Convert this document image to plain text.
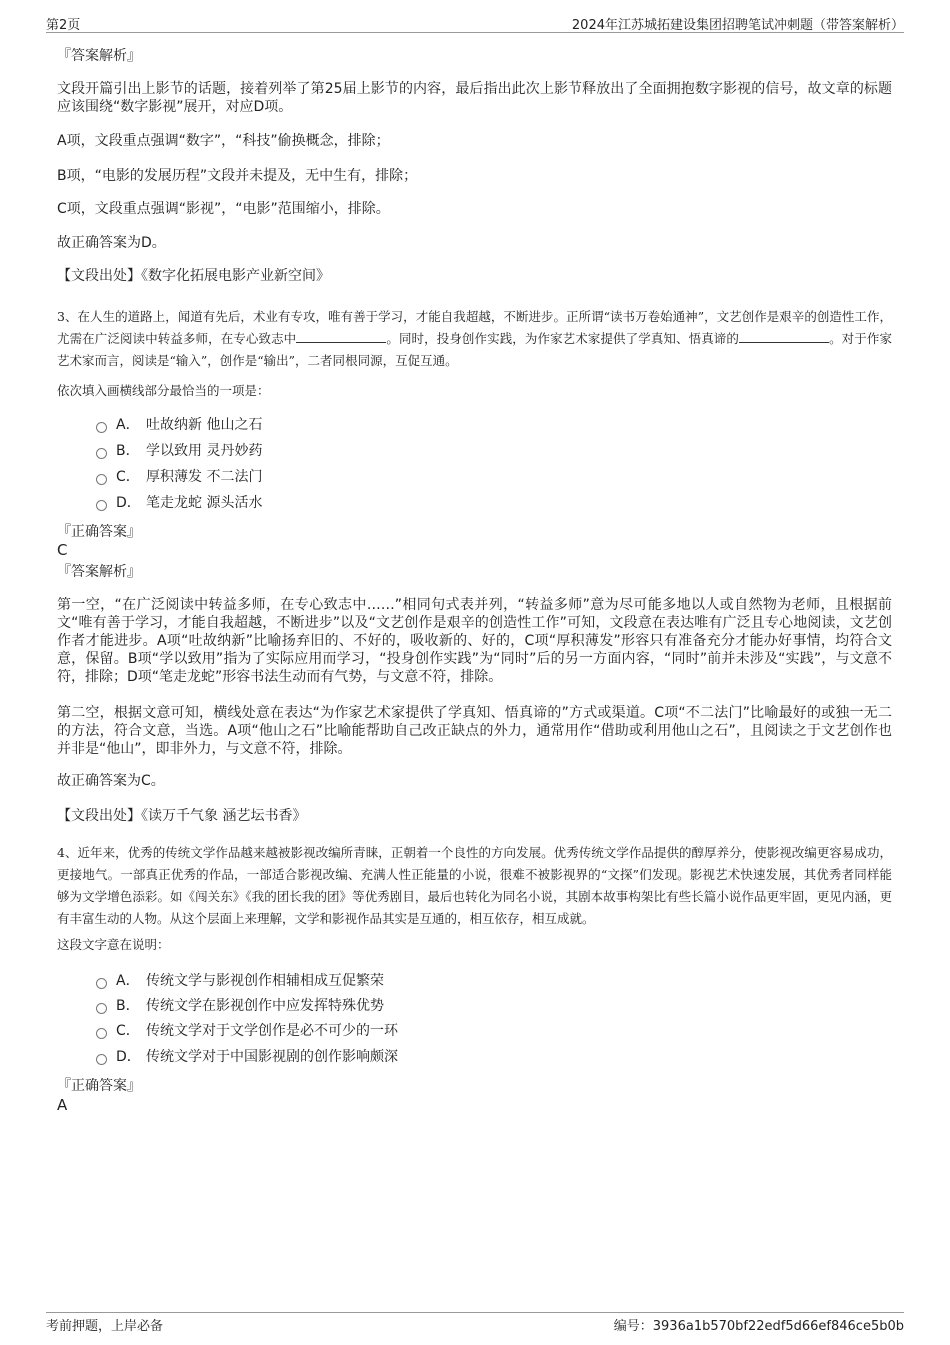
第2页	2024年江苏城拓建设集团招聘笔试冲刺题（带答案解析）
『答案解析』

文段开篇引出上影节的话题，接着列举了第25届上影节的内容，最后指出此次上影节释放出了全面拥抱数字影视的信号，故文章的标题应该围绕“数字影视”展开，对应D项。

A项，文段重点强调“数字”，“科技”偷换概念，排除；

B项，“电影的发展历程”文段并未提及，无中生有，排除；

C项，文段重点强调“影视”，“电影”范围缩小，排除。

故正确答案为D。

【文段出处】《数字化拓展电影产业新空间》

3、在人生的道路上，闻道有先后，术业有专攻，唯有善于学习，才能自我超越，不断进步。正所谓“读书万卷始通神”，文艺创作是艰辛的创造性工作，尤需在广泛阅读中转益多师，在专心致志中	。同时，投身创作实践，为作家艺术家提供了学真知、悟真谛的	。对于作家艺术家而言，阅读是“输入”，创作是“输出”，二者同根同源，互促互通。

依次填入画横线部分最恰当的一项是：
A． 吐故纳新 他山之石
B． 学以致用 灵丹妙药
C． 厚积薄发 不二法门
D． 笔走龙蛇 源头活水
『正确答案』
C
『答案解析』

第一空，“在广泛阅读中转益多师，在专心致志中……”相同句式表并列，“转益多师”意为尽可能多地以人或自然物为老师，且根据前文“唯有善于学习，才能自我超越，不断进步”以及“文艺创作是艰辛的创造性工作”可知，文段意在表达唯有广泛且专心地阅读，文艺创作者才能进步。A项“吐故纳新”比喻扬弃旧的、不好的，吸收新的、好的，C项“厚积薄发”形容只有准备充分才能办好事情，均符合文意，保留。B项“学以致用”指为了实际应用而学习，“投身创作实践”为“同时”后的另一方面内容，“同时”前并未涉及“实践”，与文意不符，排除；D项“笔走龙蛇”形容书法生动而有气势，与文意不符，排除。

第二空，根据文意可知，横线处意在表达“为作家艺术家提供了学真知、悟真谛的”方式或渠道。C项“不二法门”比喻最好的或独一无二的方法，符合文意，当选。A项“他山之石”比喻能帮助自己改正缺点的外力，通常用作“借助或利用他山之石”，且阅读之于文艺创作也并非是“他山”，即非外力，与文意不符，排除。

故正确答案为C。

【文段出处】《读万千气象 涵艺坛书香》

4、近年来，优秀的传统文学作品越来越被影视改编所青睐，正朝着一个良性的方向发展。优秀传统文学作品提供的醇厚养分，使影视改编更容易成功，更接地气。一部真正优秀的作品，一部适合影视改编、充满人性正能量的小说，很难不被影视界的“文探”们发现。影视艺术快速发展，其优秀者同样能够为文学增色添彩。如《闯关东》《我的团长我的团》等优秀剧目，最后也转化为同名小说，其剧本故事构架比有些长篇小说作品更牢固，更见内涵，更有丰富生动的人物。从这个层面上来理解，文学和影视作品其实是互通的，相互依存，相互成就。

这段文字意在说明：
A． 传统文学与影视创作相辅相成互促繁荣
B． 传统文学在影视创作中应发挥特殊优势
C． 传统文学对于文学创作是必不可少的一环
D． 传统文学对于中国影视剧的创作影响颇深
『正确答案』
A
考前押题，上岸必备	编号：3936a1b570bf22edf5d66ef846ce5b0b
